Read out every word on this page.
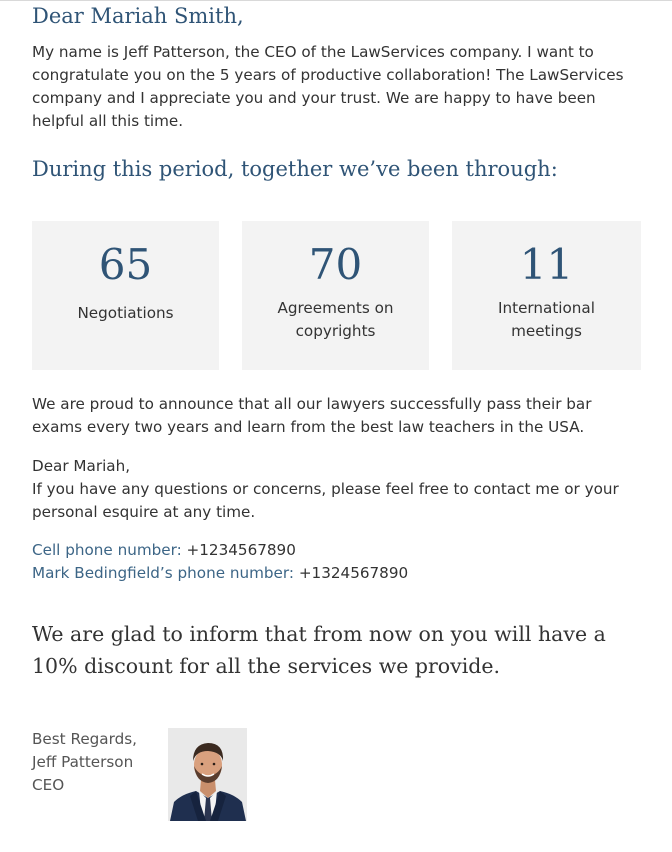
Dear Mariah Smith,

My name is Jeff Patterson, the CEO of the LawServices company. I want to congratulate you on the 5 years of productive collaboration! The LawServices company and I appreciate you and your trust. We are happy to have been helpful all this time.

During this period, together we’ve been through:
65
Negotiations
70
Agreements on copyrights
11
International meetings

We are proud to announce that all our lawyers successfully pass their bar exams every two years and learn from the best law teachers in the USA.

Dear Mariah,
If you have any questions or concerns, please feel free to contact me or your personal esquire at any time.

Cell phone number: +1234567890
Mark Bedingfield’s phone number: +1324567890

We are glad to inform that from now on you will have a 10% discount for all the services we provide.

Best Regards,
Jeff Patterson
CEO
